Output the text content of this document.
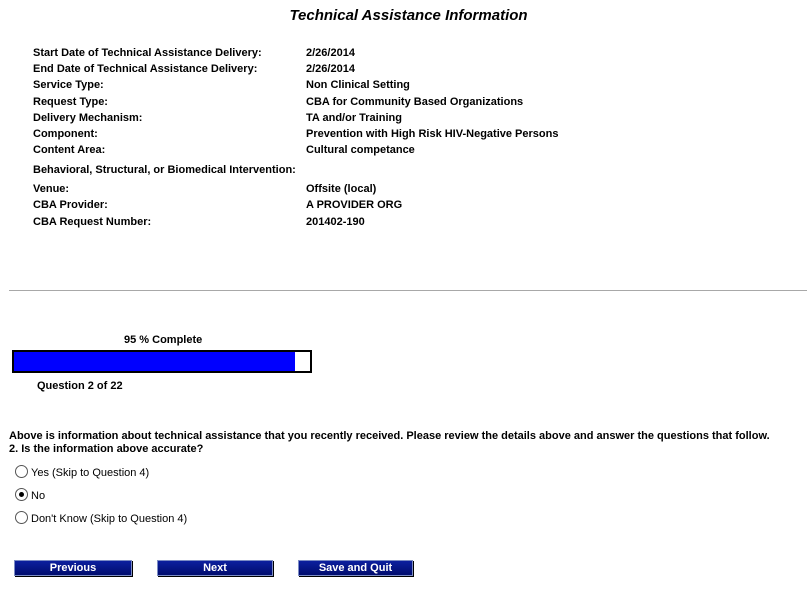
Technical Assistance Information
Start Date of Technical Assistance Delivery:	2/26/2014
End Date of Technical Assistance Delivery:	2/26/2014
Service Type:	Non Clinical Setting
Request Type:	CBA for Community Based Organizations
Delivery Mechanism:	TA and/or Training
Component:	Prevention with High Risk HIV-Negative Persons
Content Area:	Cultural competance
Behavioral, Structural, or Biomedical Intervention:
Venue:	Offsite (local)
CBA Provider:	A PROVIDER ORG
CBA Request Number:	201402-190
95 % Complete
Question 2 of 22
Above is information about technical assistance that you recently received. Please review the details above and answer the questions that follow.
2. Is the information above accurate?
Yes (Skip to Question 4)
No
Don't Know (Skip to Question 4)
Previous	Next	Save and Quit
